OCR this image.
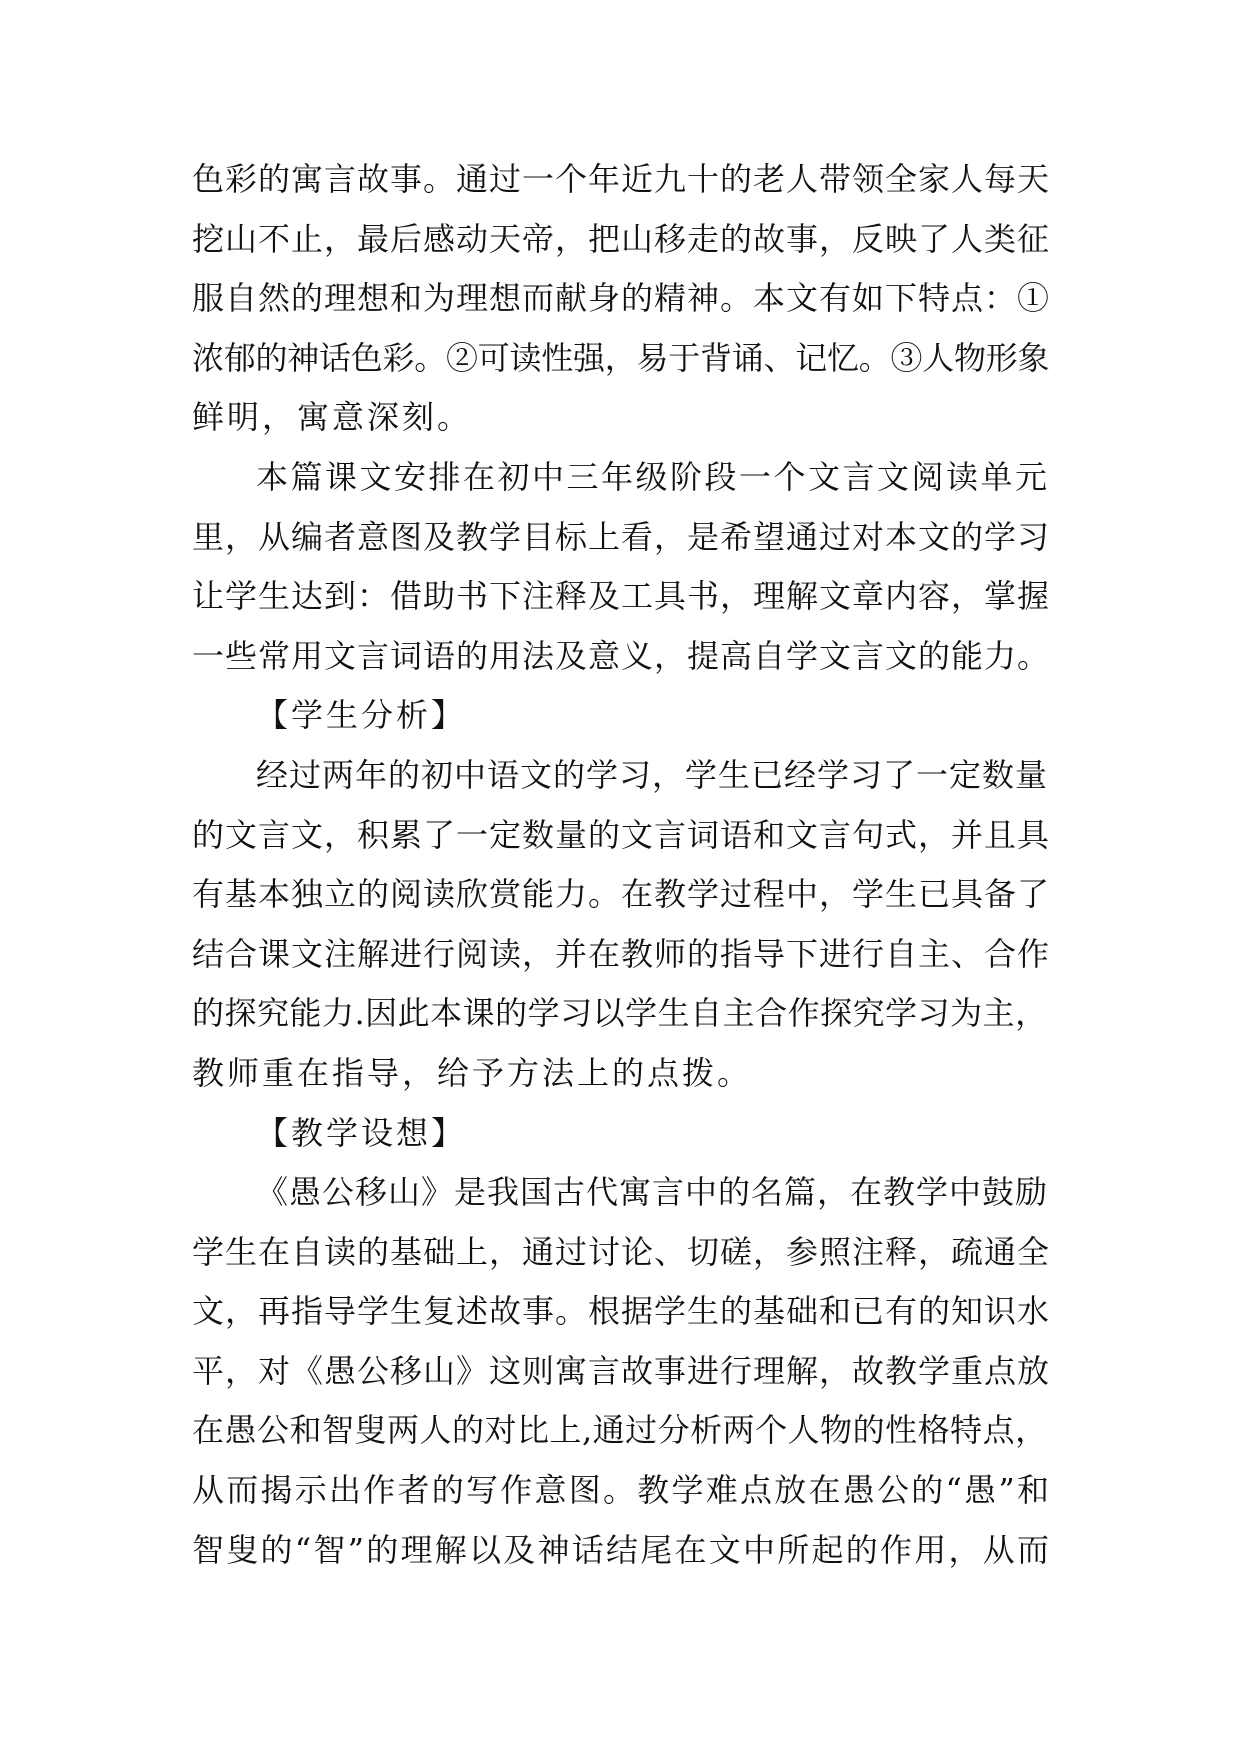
色彩的寓言故事。通过一个年近九十的老人带领全家人每天
挖山不止，最后感动天帝，把山移走的故事，反映了人类征
服自然的理想和为理想而献身的精神。本文有如下特点：①
浓郁的神话色彩。②可读性强，易于背诵、记忆。③人物形象
鲜明，寓意深刻。
本篇课文安排在初中三年级阶段一个文言文阅读单元
里，从编者意图及教学目标上看，是希望通过对本文的学习
让学生达到：借助书下注释及工具书，理解文章内容，掌握
一些常用文言词语的用法及意义，提高自学文言文的能力。
【学生分析】
经过两年的初中语文的学习，学生已经学习了一定数量
的文言文，积累了一定数量的文言词语和文言句式，并且具
有基本独立的阅读欣赏能力。在教学过程中，学生已具备了
结合课文注解进行阅读，并在教师的指导下进行自主、合作
的探究能力.因此本课的学习以学生自主合作探究学习为主，
教师重在指导，给予方法上的点拨。
【教学设想】
《愚公移山》是我国古代寓言中的名篇，在教学中鼓励
学生在自读的基础上，通过讨论、切磋，参照注释，疏通全
文，再指导学生复述故事。根据学生的基础和已有的知识水
平，对《愚公移山》这则寓言故事进行理解，故教学重点放
在愚公和智叟两人的对比上,通过分析两个人物的性格特点，
从而揭示出作者的写作意图。教学难点放在愚公的“愚”和
智叟的“智”的理解以及神话结尾在文中所起的作用，从而
